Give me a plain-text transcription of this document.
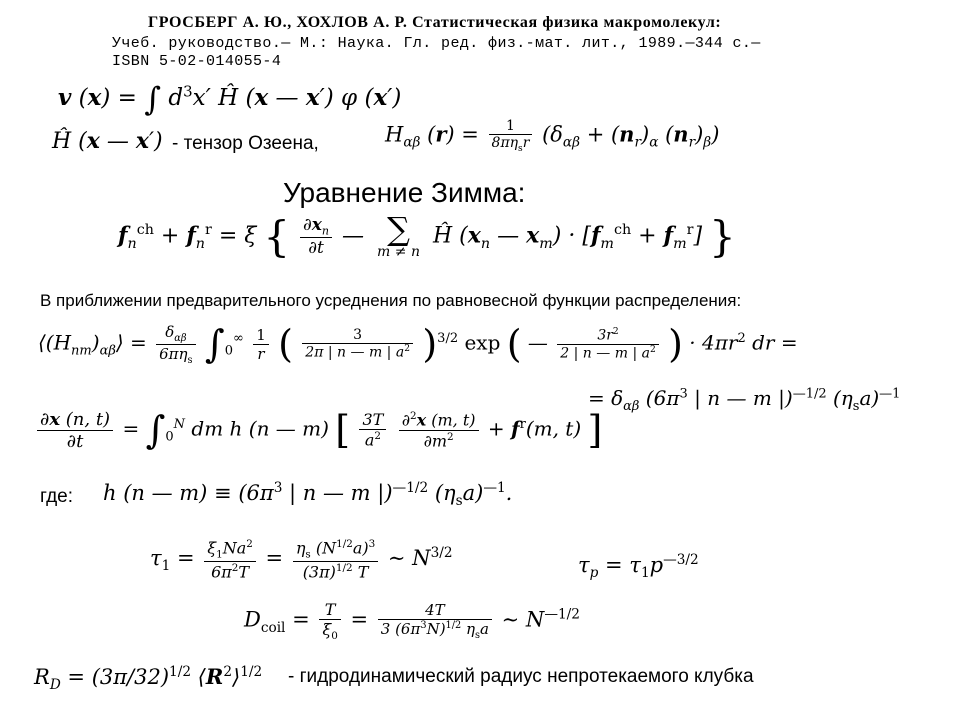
ГРОСБЕРГ А. Ю., ХОХЛОВ А. Р. Статистическая физика макромолекул:
Учеб. руководство.— М.: Наука. Гл. ред. физ.-мат. лит., 1989.—344 с.—
ISBN 5-02-014055-4
v (x) = ∫ $d^3x'$ Ĥ (x — x′) φ (x′)
Ĥ (x — x′) - тензор Озеена,	$H_{\alpha\beta}$ $(r) = \frac{1}{8\pi\eta_sr} (\delta_{\alpha\beta} + (n_r)_\alpha$ $(n_r)_\beta$)
Уравнение Зимма:
$f_n^{ch} + f_n^r = \xi$ { $\frac{\partial x_n}{\partial t}$ — ∑
m ≠ n
Ĥ ($x_n$ — $x_m) \cdot [f_m^{ch} + f_m^r]$ }
В приближении предварительного усреднения по равновесной функции распределения:
$⟨(H_{nm})_{\alpha\beta}⟩ = \frac{\delta_{\alpha\beta}}{6\pi\eta_s} \int_0^\infty \frac{1}{r}$ ( $\frac{3}{2\pi | n — m | a^2} )^{3/2}$ exp ( — $\frac{3r^2}{2 | n — m | a^2}$ ) · $4\pi r^2$ dr =
= $\delta_{\alpha\beta}$ ($6\pi^3$ | n — m |)$^{—1/2}$ $(\eta_sa)^{—1}$
$\frac{\partial x (n, t)}{\partial t} = \int_0^N$ dm h (n — m) [ $\frac{3T}{a^2}$
$\frac{\partial^2x (m, t)}{\partial m^2} + f^r(m$, t) ]
где: h (n — $m) \equiv (6\pi^3$ | n — m |)$^{—1/2}$ $(\eta_sa)^{—1}$.
$\tau_1 = \frac{\xi_1Na^2}{6\pi^2T} = \frac{\eta_s (N^{1/2}a)^3}{(3\pi)^{1/2} T}$ ∼ $N^{3/2}$
$\tau_p = \tau_1p^{—3/2}$
$D_{coil} = \frac{T}{\xi_0} = \frac{4T}{3 (6\pi^3N)^{1/2} \eta_sa}$ ∼ $N^{—1/2}$
$R_D = (3\pi/32)^{1/2}$ $⟨R^2⟩^{1/2}$ - гидродинамический радиус непротекаемого клубка
